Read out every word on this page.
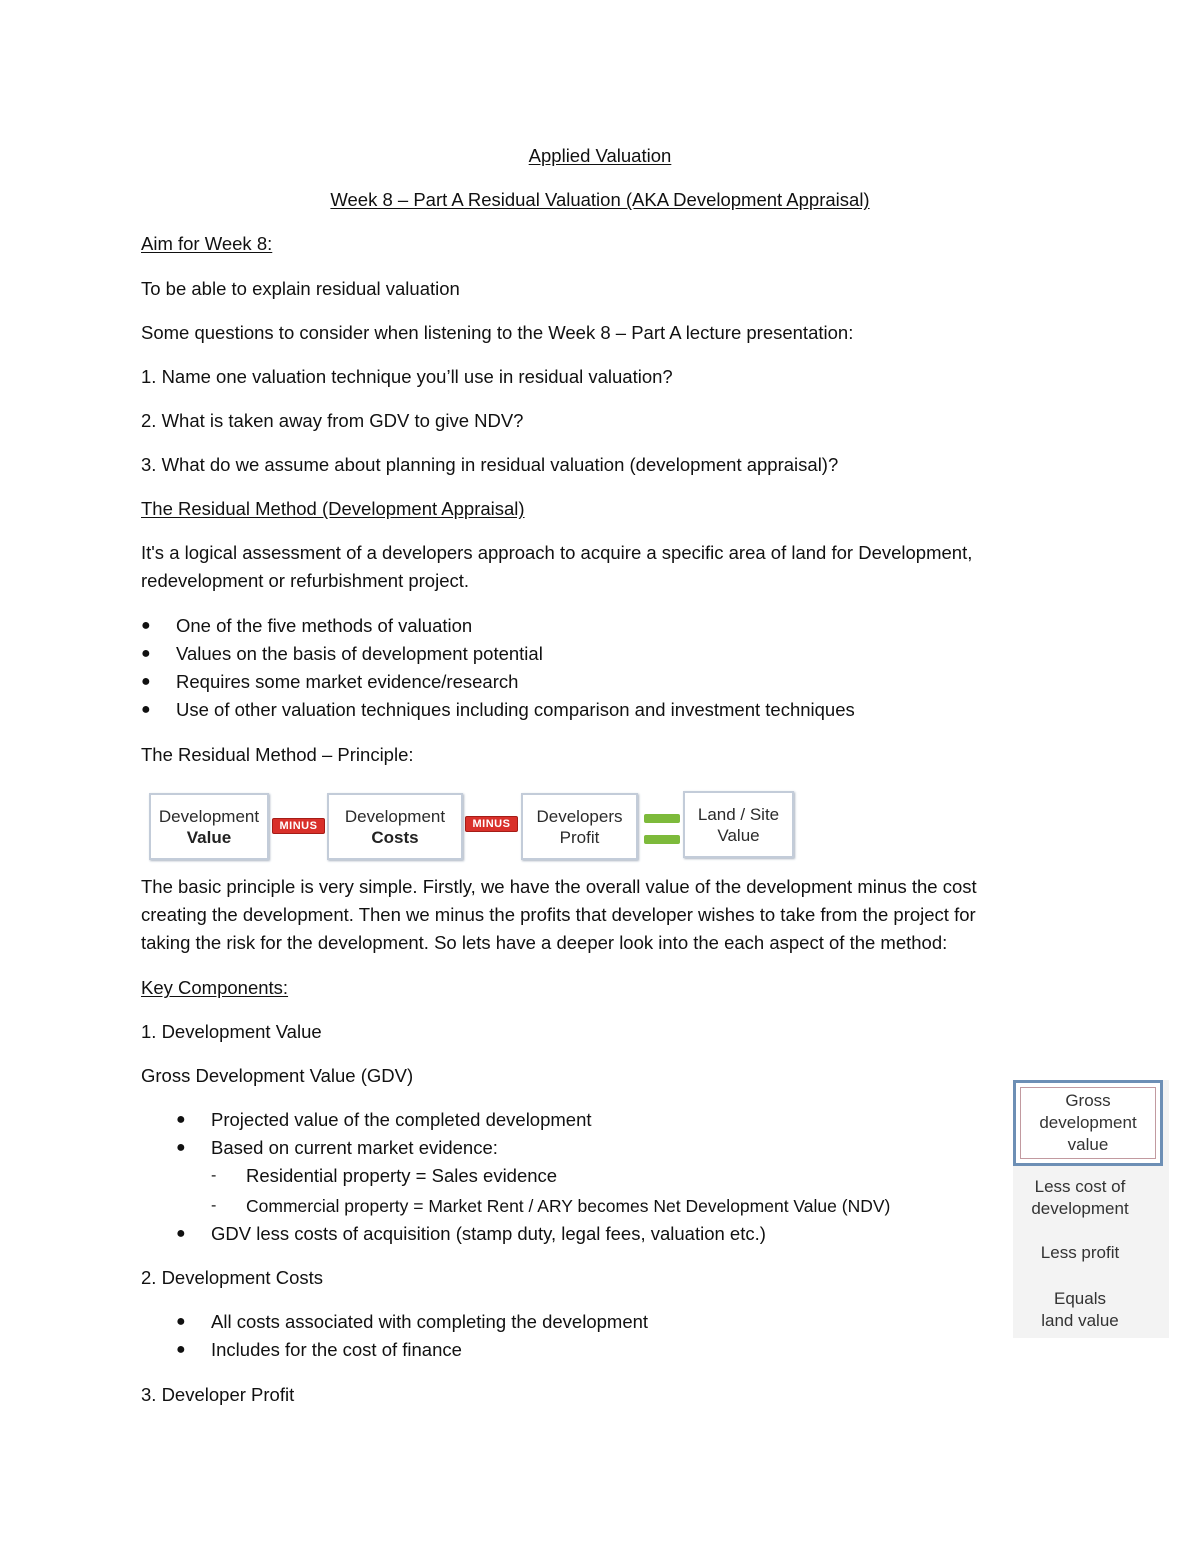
Applied Valuation

Week 8 – Part A Residual Valuation (AKA Development Appraisal)

Aim for Week 8:

To be able to explain residual valuation

Some questions to consider when listening to the Week 8 – Part A lecture presentation:

1. Name one valuation technique you’ll use in residual valuation?

2. What is taken away from GDV to give NDV?

3. What do we assume about planning in residual valuation (development appraisal)?

The Residual Method (Development Appraisal)

It's a logical assessment of a developers approach to acquire a specific area of land for Development,

redevelopment or refurbishment project.

● One of the five methods of valuation
● Values on the basis of development potential
● Requires some market evidence/research
● Use of other valuation techniques including comparison and investment techniques

The Residual Method – Principle:

Development
Value
MINUS
Development
Costs
MINUS	Developers
Profit
Land / Site
Value

The basic principle is very simple. Firstly, we have the overall value of the development minus the cost

creating the development. Then we minus the profits that developer wishes to take from the project for

taking the risk for the development. So lets have a deeper look into the each aspect of the method:

Key Components:

1. Development Value

Gross Development Value (GDV)

● Projected value of the completed development
● Based on current market evidence:
- Residential property = Sales evidence
- Commercial property = Market Rent / ARY becomes Net Development Value (NDV)
● GDV less costs of acquisition (stamp duty, legal fees, valuation etc.)

2. Development Costs

● All costs associated with completing the development
● Includes for the cost of finance

3. Developer Profit

Gross
development
value
Less cost of
development
Less profit
Equals
land value
